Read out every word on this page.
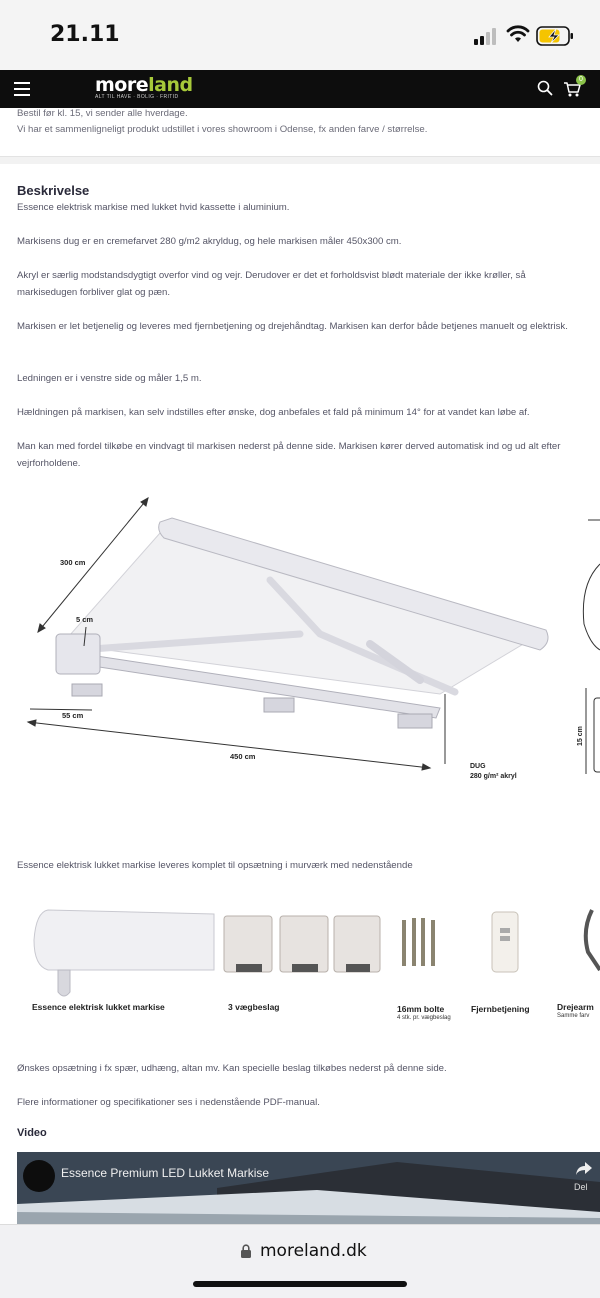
21.11
moreland
ALT TIL HAVE · BOLIG · FRITID
0

Bestil før kl. 15, vi sender alle hverdage.

Vi har et sammenligneligt produkt udstillet i vores showroom i Odense, fx anden farve / størrelse.

Beskrivelse
Essence elektrisk markise med lukket hvid kassette i aluminium.
Markisens dug er en cremefarvet 280 g/m2 akryldug, og hele markisen måler 450x300 cm.
Akryl er særlig modstandsdygtigt overfor vind og vejr. Derudover er det et forholdsvist blødt materiale der ikke krøller, så markisedugen forbliver glat og pæn.
Markisen er let betjenelig og leveres med fjernbetjening og drejehåndtag. Markisen kan derfor både betjenes manuelt og elektrisk.
Ledningen er i venstre side og måler 1,5 m.
Hældningen på markisen, kan selv indstilles efter ønske, dog anbefales et fald på minimum 14° for at vandet kan løbe af.
Man kan med fordel tilkøbe en vindvagt til markisen nederst på denne side. Markisen kører derved automatisk ind og ud alt efter vejrforholdene.
300 cm
5 cm
55 cm
450 cm
DUG
280 g/m² akryl
15 cm
Essence elektrisk lukket markise leveres komplet til opsætning i murværk med nedenstående
Essence elektrisk lukket markise	3 vægbeslag	16mm bolte
4 stk. pr. vægbeslag
Fjernbetjening	Drejearm
Samme farv
Ønskes opsætning i fx spær, udhæng, altan mv. Kan specielle beslag tilkøbes nederst på denne side.
Flere informationer og specifikationer ses i nedenstående PDF-manual.
Video
Essence Premium LED Lukket Markise
Del
moreland.dk
